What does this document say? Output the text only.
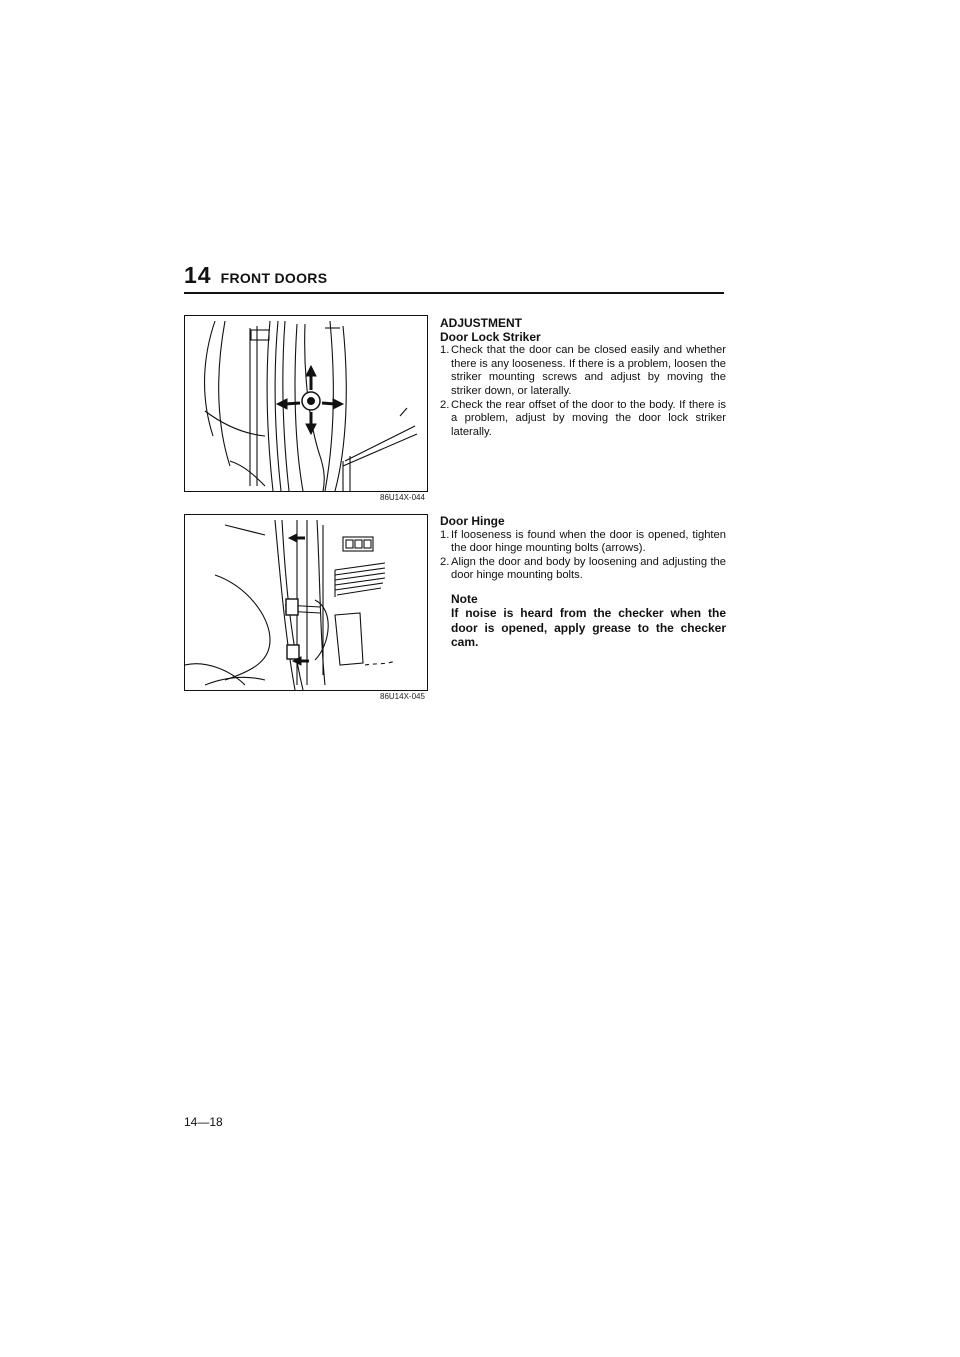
14 FRONT DOORS
86U14X-044
86U14X-045
ADJUSTMENT
Door Lock Striker
1. Check that the door can be closed easily and whether there is any looseness. If there is a problem, loosen the striker mounting screws and adjust by moving the striker down, or laterally.
2. Check the rear offset of the door to the body. If there is a problem, adjust by moving the door lock striker laterally.
Door Hinge
1. If looseness is found when the door is opened, tighten the door hinge mounting bolts (arrows).
2. Align the door and body by loosening and adjusting the door hinge mounting bolts.
Note
If noise is heard from the checker when the door is opened, apply grease to the checker cam.
14—18
